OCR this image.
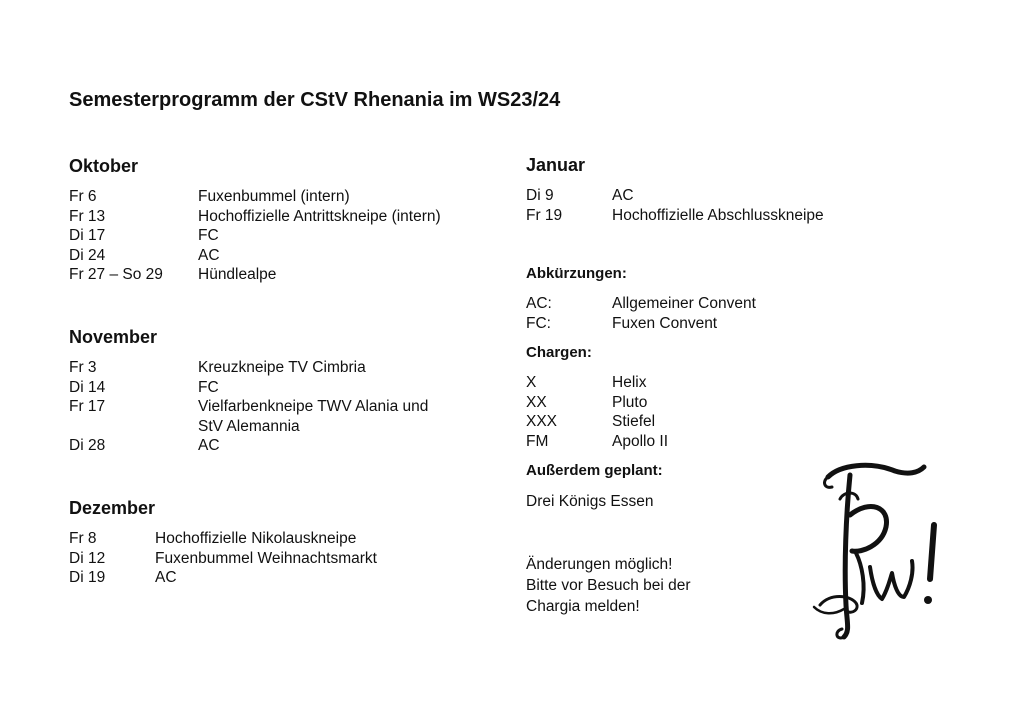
Semesterprogramm der CStV Rhenania im WS23/24
Oktober
Fr 6	Fuxenbummel (intern)
Fr 13	Hochoffizielle Antrittskneipe (intern)
Di 17	FC
Di 24	AC
Fr 27 – So 29	Hündlealpe
November
Fr 3	Kreuzkneipe TV Cimbria
Di 14	FC
Fr 17	Vielfarbenkneipe TWV Alania und
StV Alemannia
Di 28	AC
Dezember
Fr 8	Hochoffizielle Nikolauskneipe
Di 12	Fuxenbummel Weihnachtsmarkt
Di 19	AC
Januar
Di 9	AC
Fr 19	Hochoffizielle Abschlusskneipe
Abkürzungen:
AC:	Allgemeiner Convent
FC:	Fuxen Convent
Chargen:
X	Helix
XX	Pluto
XXX	Stiefel
FM	Apollo II
Außerdem geplant:
Drei Königs Essen
Änderungen möglich!
Bitte vor Besuch bei der
Chargia melden!
